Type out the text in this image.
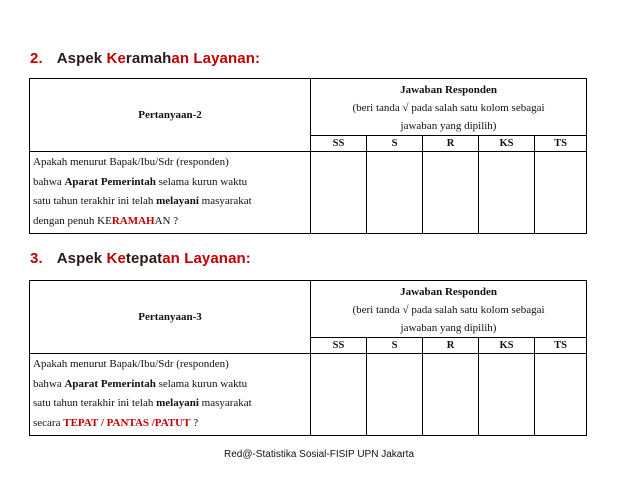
2. Aspek Keramahan Layanan:
Pertanyaan-2	Jawaban Responden
(beri tanda √ pada salah satu kolom sebagai
jawaban yang dipilih)				

	SS	S	R	KS	TS

Apakah menurut Bapak/Ibu/Sdr (responden)
bahwa Aparat Pemerintah selama kurun waktu
satu tahun terakhir ini telah melayani masyarakat
dengan penuh KERAMAHAN ?					

3. Aspek Ketepatan Layanan:
Pertanyaan-3	Jawaban Responden
(beri tanda √ pada salah satu kolom sebagai
jawaban yang dipilih)				

	SS	S	R	KS	TS

Apakah menurut Bapak/Ibu/Sdr (responden)
bahwa Aparat Pemerintah selama kurun waktu
satu tahun terakhir ini telah melayani masyarakat
secara TEPAT / PANTAS /PATUT ?					

Red@-Statistika Sosial-FISIP UPN Jakarta
